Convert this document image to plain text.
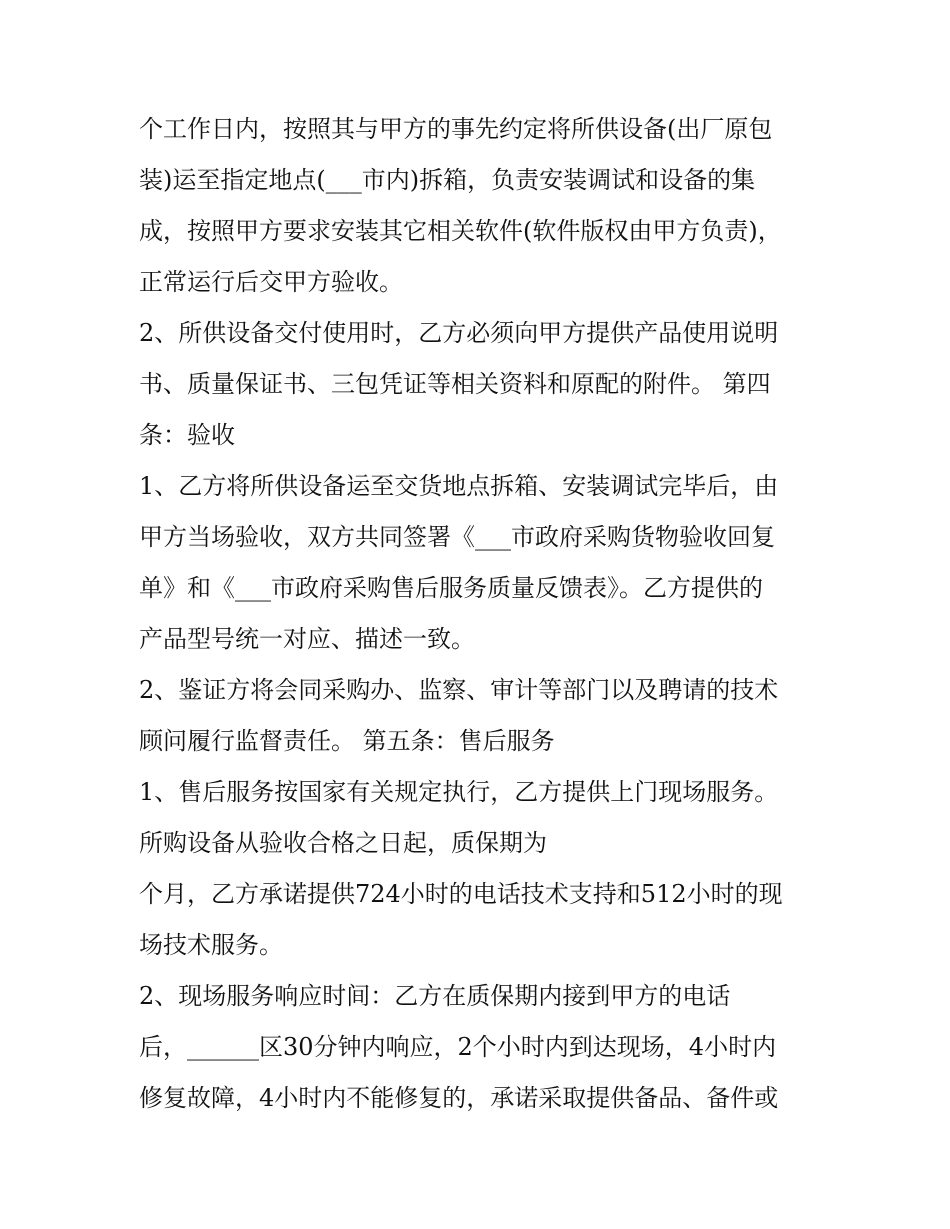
个工作日内，按照其与甲方的事先约定将所供设备(出厂原包
装)运至指定地点(___市内)拆箱，负责安装调试和设备的集
成，按照甲方要求安装其它相关软件(软件版权由甲方负责)，
正常运行后交甲方验收。
2、所供设备交付使用时，乙方必须向甲方提供产品使用说明
书、质量保证书、三包凭证等相关资料和原配的附件。 第四
条：验收
1、乙方将所供设备运至交货地点拆箱、安装调试完毕后，由
甲方当场验收，双方共同签署《___市政府采购货物验收回复
单》和《___市政府采购售后服务质量反馈表》。乙方提供的
产品型号统一对应、描述一致。
2、鉴证方将会同采购办、监察、审计等部门以及聘请的技术
顾问履行监督责任。 第五条：售后服务
1、售后服务按国家有关规定执行，乙方提供上门现场服务。
所购设备从验收合格之日起，质保期为
个月，乙方承诺提供724小时的电话技术支持和512小时的现
场技术服务。
2、现场服务响应时间：乙方在质保期内接到甲方的电话
后，______区30分钟内响应，2个小时内到达现场，4小时内
修复故障，4小时内不能修复的，承诺采取提供备品、备件或
